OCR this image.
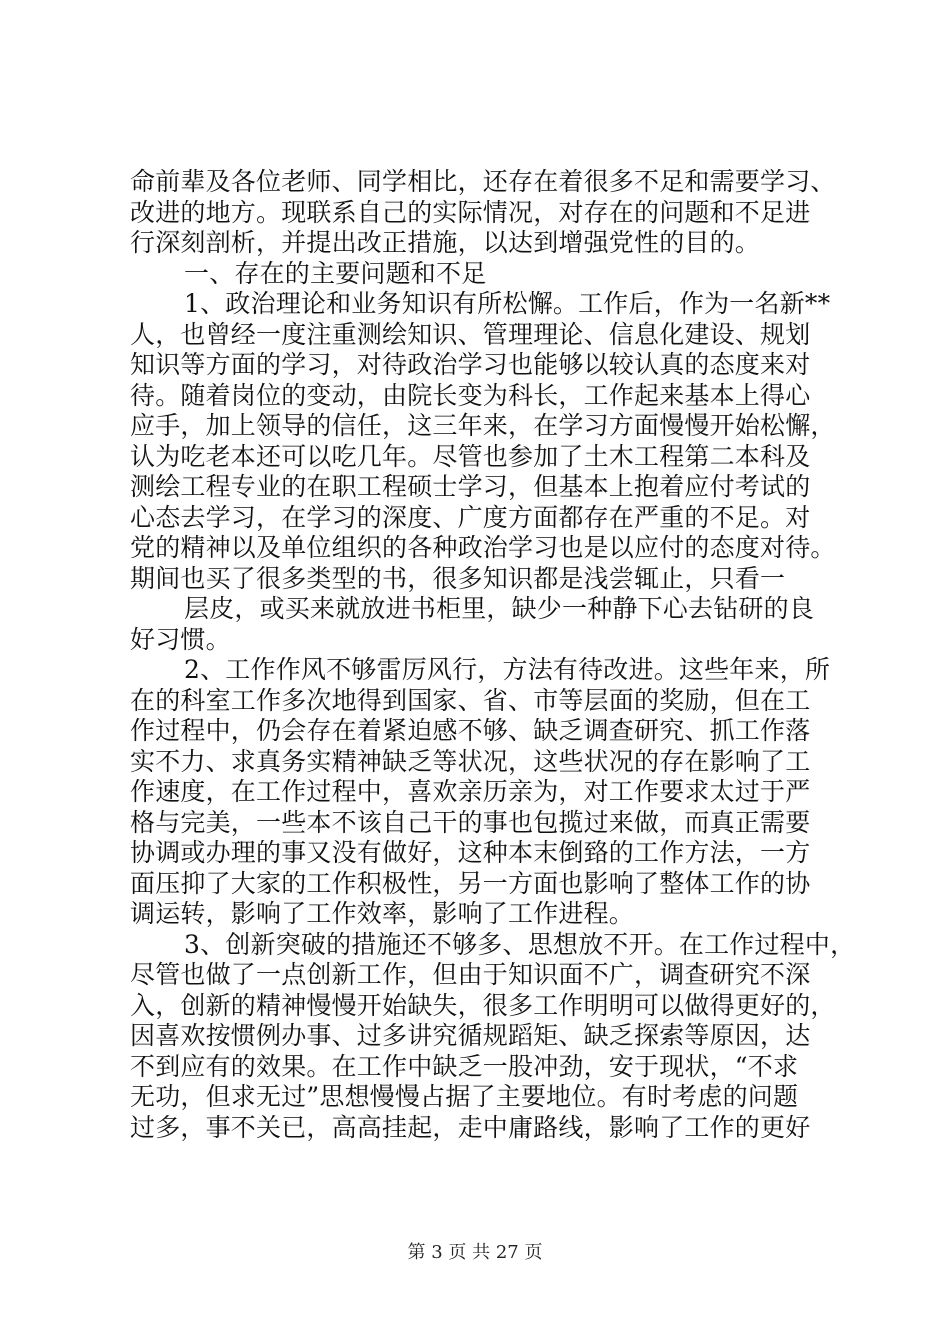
命前辈及各位老师、同学相比，还存在着很多不足和需要学习、
改进的地方。现联系自己的实际情况，对存在的问题和不足进
行深刻剖析，并提出改正措施，以达到增强党性的目的。
一、存在的主要问题和不足
1、政治理论和业务知识有所松懈。工作后，作为一名新**
人，也曾经一度注重测绘知识、管理理论、信息化建设、规划
知识等方面的学习，对待政治学习也能够以较认真的态度来对
待。随着岗位的变动，由院长变为科长，工作起来基本上得心
应手，加上领导的信任，这三年来，在学习方面慢慢开始松懈，
认为吃老本还可以吃几年。尽管也参加了土木工程第二本科及
测绘工程专业的在职工程硕士学习，但基本上抱着应付考试的
心态去学习，在学习的深度、广度方面都存在严重的不足。对
党的精神以及单位组织的各种政治学习也是以应付的态度对待。
期间也买了很多类型的书，很多知识都是浅尝辄止，只看一
层皮，或买来就放进书柜里，缺少一种静下心去钻研的良
好习惯。
2、工作作风不够雷厉风行，方法有待改进。这些年来，所
在的科室工作多次地得到国家、省、市等层面的奖励，但在工
作过程中，仍会存在着紧迫感不够、缺乏调查研究、抓工作落
实不力、求真务实精神缺乏等状况，这些状况的存在影响了工
作速度，在工作过程中，喜欢亲历亲为，对工作要求太过于严
格与完美，一些本不该自己干的事也包揽过来做，而真正需要
协调或办理的事又没有做好，这种本末倒臵的工作方法，一方
面压抑了大家的工作积极性，另一方面也影响了整体工作的协
调运转，影响了工作效率，影响了工作进程。
3、创新突破的措施还不够多、思想放不开。在工作过程中，
尽管也做了一点创新工作，但由于知识面不广，调查研究不深
入，创新的精神慢慢开始缺失，很多工作明明可以做得更好的，
因喜欢按惯例办事、过多讲究循规蹈矩、缺乏探索等原因，达
不到应有的效果。在工作中缺乏一股冲劲，安于现状，“不求
无功，但求无过”思想慢慢占据了主要地位。有时考虑的问题
过多，事不关已，高高挂起，走中庸路线，影响了工作的更好
第 3 页 共 27 页
